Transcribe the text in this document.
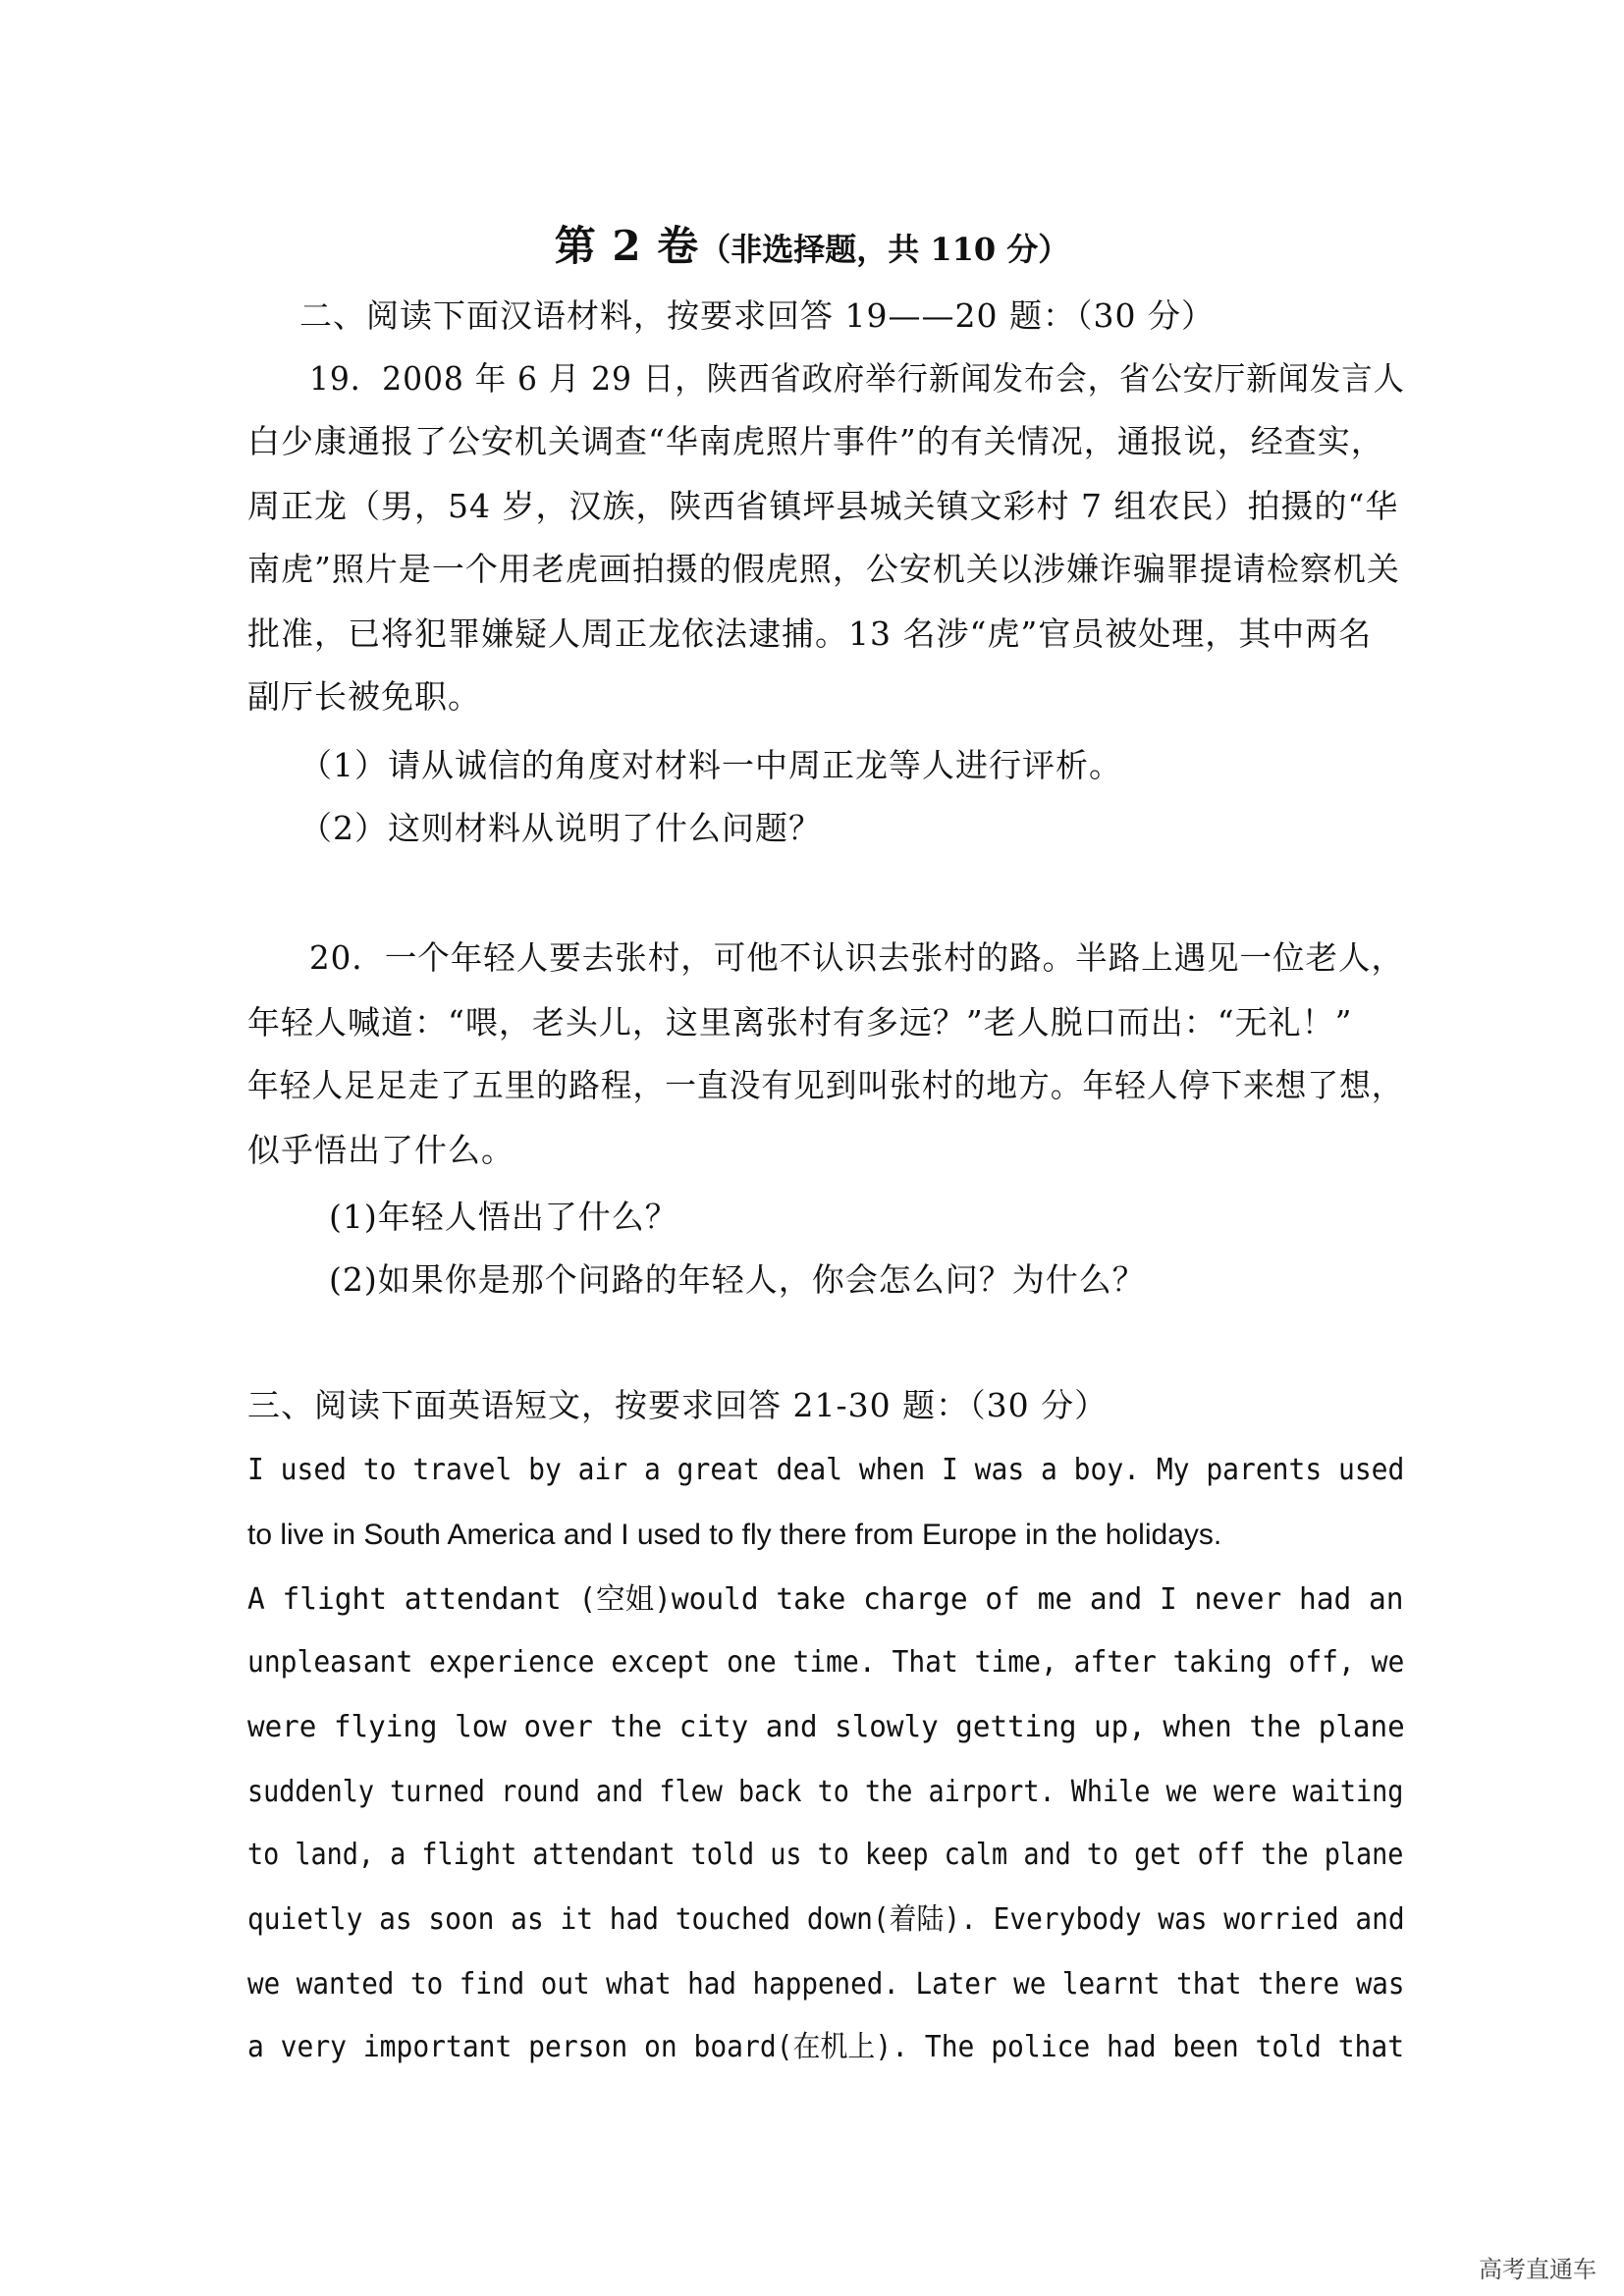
第 2 卷（非选择题，共 110 分）
二、阅读下面汉语材料，按要求回答 19——20 题：（30 分）
19．2008 年 6 月 29 日，陕西省政府举行新闻发布会，省公安厅新闻发言人
白少康通报了公安机关调查“华南虎照片事件”的有关情况，通报说，经查实，
周正龙（男，54 岁，汉族，陕西省镇坪县城关镇文彩村 7 组农民）拍摄的“华
南虎”照片是一个用老虎画拍摄的假虎照，公安机关以涉嫌诈骗罪提请检察机关
批准，已将犯罪嫌疑人周正龙依法逮捕。13 名涉“虎”官员被处理，其中两名
副厅长被免职。
（1）请从诚信的角度对材料一中周正龙等人进行评析。
（2）这则材料从说明了什么问题？
20．一个年轻人要去张村，可他不认识去张村的路。半路上遇见一位老人，
年轻人喊道：“喂，老头儿，这里离张村有多远？”老人脱口而出：“无礼！”
年轻人足足走了五里的路程，一直没有见到叫张村的地方。年轻人停下来想了想，
似乎悟出了什么。
(1)年轻人悟出了什么？
(2)如果你是那个问路的年轻人，你会怎么问？为什么？
三、阅读下面英语短文，按要求回答 21-30 题：（30 分）
I used to travel by air a great deal when I was a boy. My parents used
to live in South America and I used to fly there from Europe in the holidays.
A flight attendant (空姐)would take charge of me and I never had an
unpleasant experience except one time. That time, after taking off, we
were flying low over the city and slowly getting up, when the plane
suddenly turned round and flew back to the airport. While we were waiting
to land, a flight attendant told us to keep calm and to get off the plane
quietly as soon as it had touched down(着陆). Everybody was worried and
we wanted to find out what had happened. Later we learnt that there was
a very important person on board(在机上). The police had been told that
高考直通车
